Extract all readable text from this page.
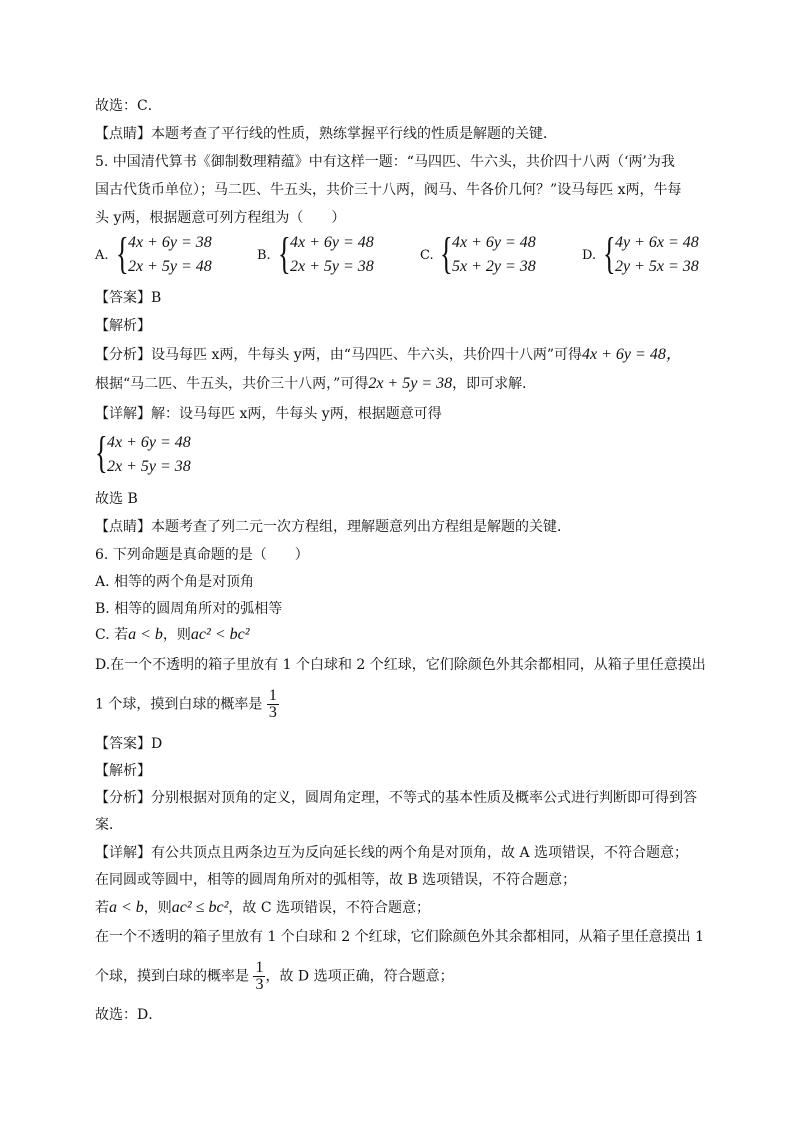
故选：C．
【点睛】本题考查了平行线的性质，熟练掌握平行线的性质是解题的关键．
5. 中国清代算书《御制数理精蕴》中有这样一题：“马四匹、牛六头，共价四十八两（‘两’为我
国古代货币单位）；马二匹、牛五头，共价三十八两，阀马、牛各价几何？”设马每匹 x两，牛每
头 y两，根据题意可列方程组为（　　）
A. { 4x + 6y = 38
2x + 5y = 48
B. { 4x + 6y = 48
2x + 5y = 38
C. { 4x + 6y = 48
5x + 2y = 38
D. { 4y + 6x = 48
2y + 5x = 38
【答案】B
【解析】
【分析】设马每匹 x两，牛每头 y两，由“马四匹、牛六头，共价四十八两”可得4x + 6y = 48，
根据“马二匹、牛五头，共价三十八两，”可得2x + 5y = 38，即可求解．
【详解】解：设马每匹 x两，牛每头 y两，根据题意可得
{ 4x + 6y = 48
2x + 5y = 38
故选 B
【点睛】本题考查了列二元一次方程组，理解题意列出方程组是解题的关键．
6. 下列命题是真命题的是（　　）
A. 相等的两个角是对顶角
B. 相等的圆周角所对的弧相等
C. 若a < b，则ac² < bc²
D.在一个不透明的箱子里放有 1 个白球和 2 个红球，它们除颜色外其余都相同，从箱子里任意摸出
1 个球，摸到白球的概率是 $\frac{1}{3}$
【答案】D
【解析】
【分析】分别根据对顶角的定义，圆周角定理，不等式的基本性质及概率公式进行判断即可得到答
案．
【详解】有公共顶点且两条边互为反向延长线的两个角是对顶角，故 A 选项错误，不符合题意；
在同圆或等圆中，相等的圆周角所对的弧相等，故 B 选项错误，不符合题意；
若a < b，则ac² ≤ bc²，故 C 选项错误，不符合题意；
在一个不透明的箱子里放有 1 个白球和 2 个红球，它们除颜色外其余都相同，从箱子里任意摸出 1
个球，摸到白球的概率是 $\frac{1}{3}$ ，故 D 选项正确，符合题意；
故选：D．
